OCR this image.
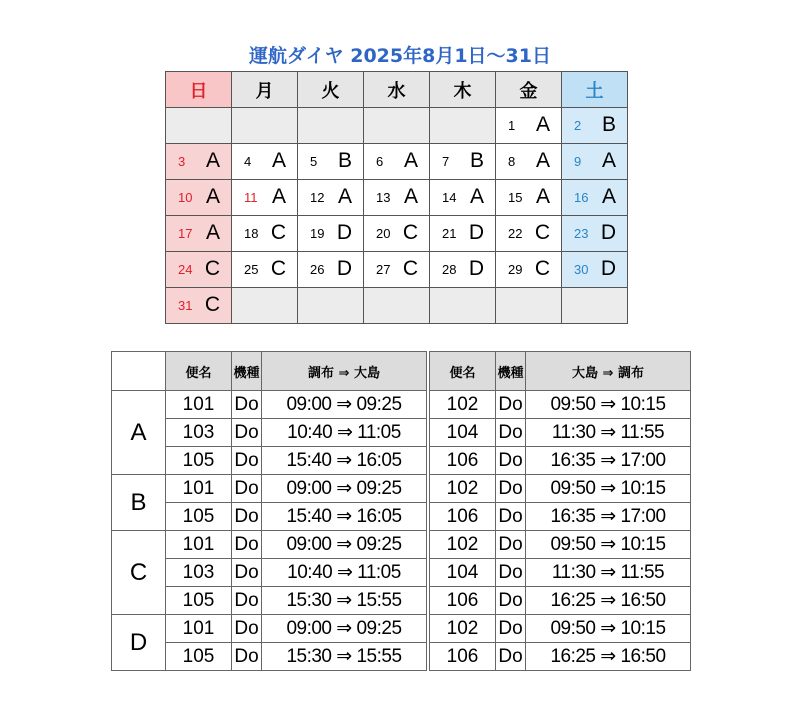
運航ダイヤ 2025年8月1日～31日
日	月	火	水	木	金	土

					1 A	2 B

3 A	4 A	5 B	6 A	7 B	8 A	9 A

10 A	11 A	12 A	13 A	14 A	15 A	16 A

17 A	18 C	19 D	20 C	21 D	22 C	23 D

24 C	25 C	26 D	27 C	28 D	29 C	30 D

31 C						

	便名	機種	調布 ⇒ 大島		便名	機種	大島 ⇒ 調布
A	101	Do	09:00 ⇒ 09:25		102	Do	09:50 ⇒ 10:15
	103	Do	10:40 ⇒ 11:05		104	Do	11:30 ⇒ 11:55
	105	Do	15:40 ⇒ 16:05		106	Do	16:35 ⇒ 17:00
B	101	Do	09:00 ⇒ 09:25		102	Do	09:50 ⇒ 10:15
	105	Do	15:40 ⇒ 16:05		106	Do	16:35 ⇒ 17:00
C	101	Do	09:00 ⇒ 09:25		102	Do	09:50 ⇒ 10:15
	103	Do	10:40 ⇒ 11:05		104	Do	11:30 ⇒ 11:55
	105	Do	15:30 ⇒ 15:55		106	Do	16:25 ⇒ 16:50
D	101	Do	09:00 ⇒ 09:25		102	Do	09:50 ⇒ 10:15
	105	Do	15:30 ⇒ 15:55		106	Do	16:25 ⇒ 16:50
